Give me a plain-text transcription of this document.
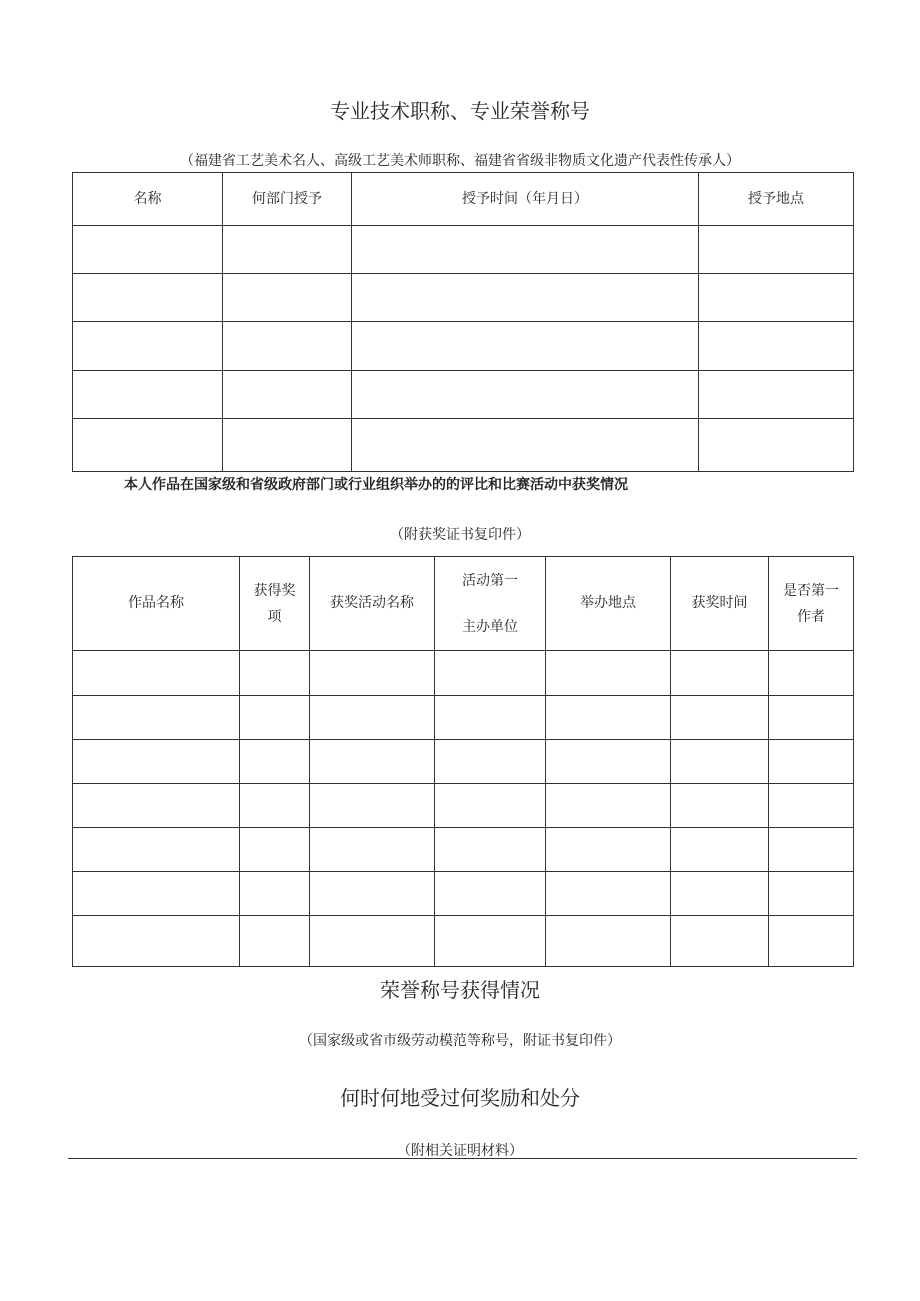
专业技术职称、专业荣誉称号
（福建省工艺美术名人、高级工艺美术师职称、福建省省级非物质文化遗产代表性传承人）
名称	何部门授予	授予时间（年月日）	授予地点

本人作品在国家级和省级政府部门或行业组织举办的的评比和比赛活动中获奖情况
（附获奖证书复印件）
作品名称	获得奖项	获奖活动名称	活动第一主办单位	举办地点	获奖时间	是否第一作者

荣誉称号获得情况
（国家级或省市级劳动模范等称号，附证书复印件）
何时何地受过何奖励和处分
（附相关证明材料）
